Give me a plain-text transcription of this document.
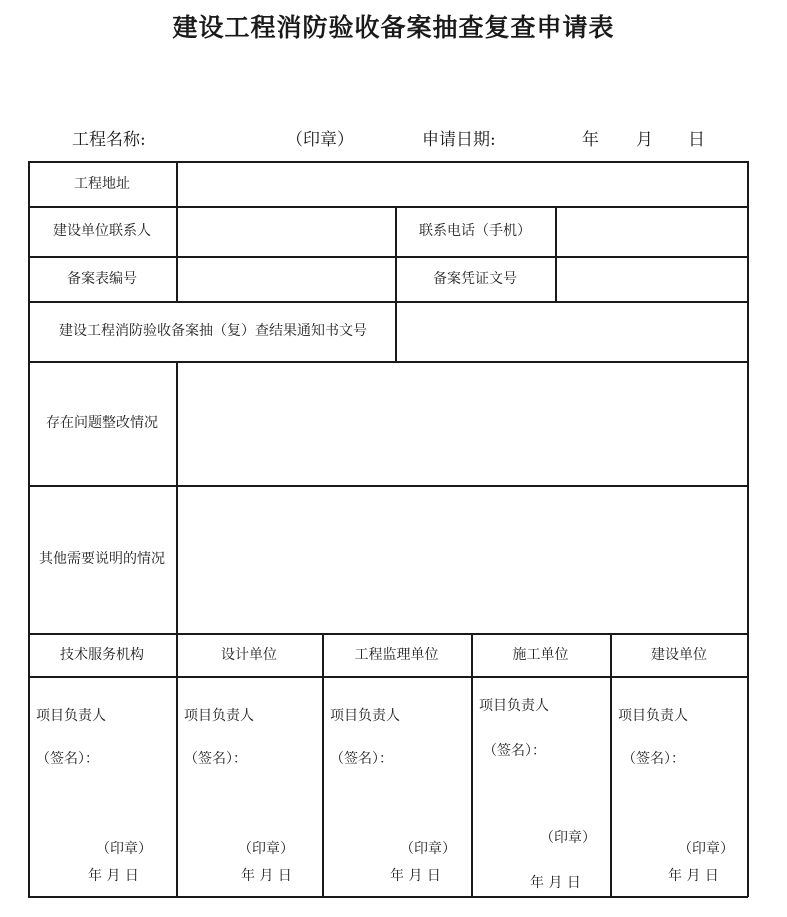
建设工程消防验收备案抽查复查申请表
工程名称:	（印章）	申请日期:	年 月 日
工程地址
建设单位联系人	联系电话（手机）
备案表编号	备案凭证文号
建设工程消防验收备案抽（复）查结果通知书文号
存在问题整改情况
其他需要说明的情况
技术服务机构	设计单位	工程监理单位	施工单位	建设单位
项目负责人
（签名）：
（印章）
年 月 日
项目负责人
（签名）：
（印章）
年 月 日
项目负责人
（签名）：
（印章）
年 月 日
项目负责人
（签名）：
（印章）
年 月 日
项目负责人
（签名）：
（印章）
年 月 日
